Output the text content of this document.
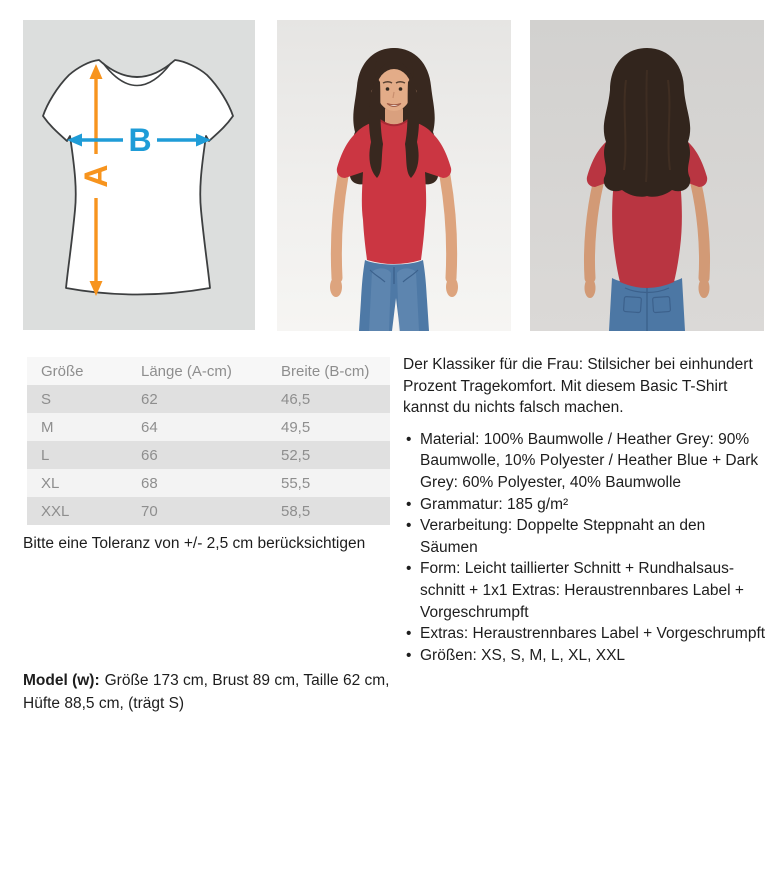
A
B
Größe	Länge (A-cm)	Breite (B-cm)
S	62	46,5
M	64	49,5
L	66	52,5
XL	68	55,5
XXL	70	58,5

Bitte eine Toleranz von +/- 2,5 cm berücksichtigen

Model (w): Größe 173 cm, Brust 89 cm, Taille 62 cm, Hüfte 88,5 cm, (trägt S)

Der Klassiker für die Frau: Stilsicher bei einhundert Prozent Tragekomfort. Mit diesem Basic T-Shirt kannst du nichts falsch machen.

• Material: 100% Baumwolle / Heather Grey: 90% Baumwolle, 10% Polyester / Heather Blue + Dark Grey: 60% Polyester, 40% Baumwolle
• Grammatur: 185 g/m²
• Verarbeitung: Doppelte Steppnaht an den Säumen
• Form: Leicht taillierter Schnitt + Rundhalsausschnitt + 1x1 Extras: Heraustrennbares Label + Vorgeschrumpft
• Extras: Heraustrennbares Label + Vorgeschrumpft
• Größen: XS, S, M, L, XL, XXL
